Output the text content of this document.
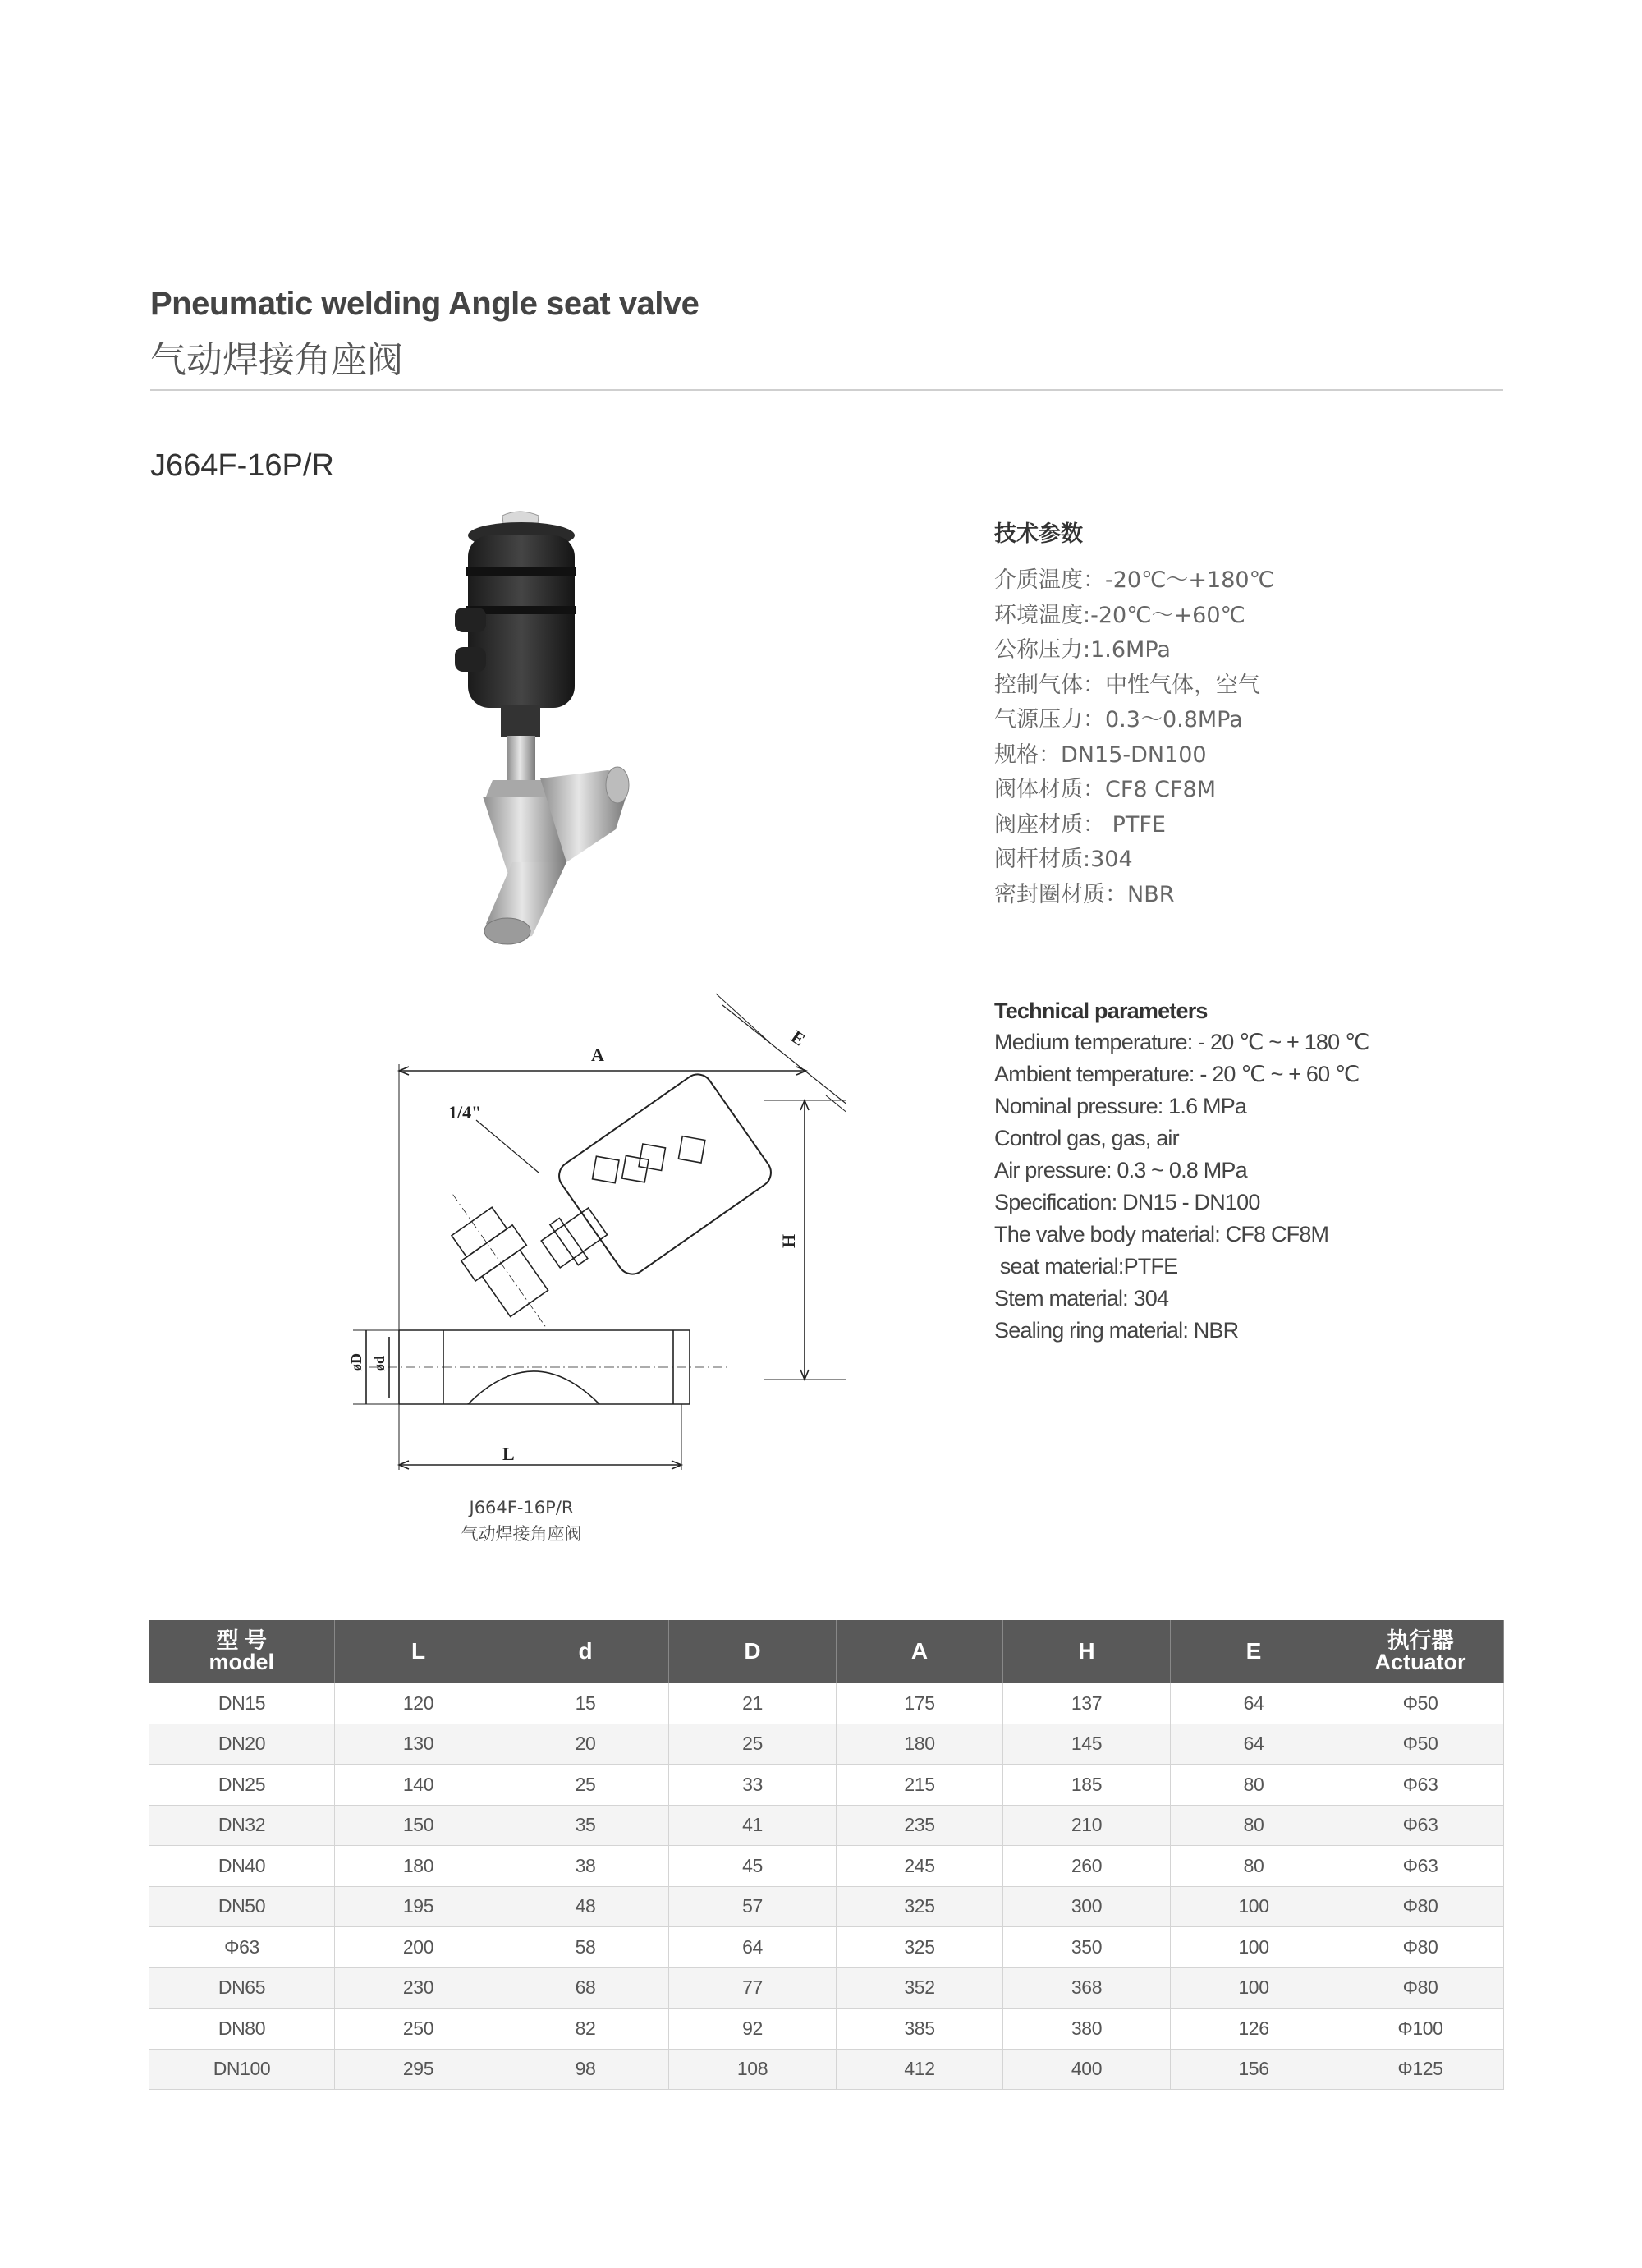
Pneumatic welding Angle seat valve
气动焊接角座阀
J664F-16P/R
A
E
H
L
1/4"
øD ød
J664F-16P/R
气动焊接角座阀
技术参数
介质温度：-20℃～+180℃
环境温度:-20℃～+60℃
公称压力:1.6MPa
控制气体：中性气体，空气
气源压力：0.3～0.8MPa
规格：DN15-DN100
阀体材质：CF8 CF8M
阀座材质： PTFE
阀杆材质:304
密封圈材质：NBR
Technical parameters
Medium temperature: - 20 ℃ ~ + 180 ℃
Ambient temperature: - 20 ℃ ~ + 60 ℃
Nominal pressure: 1.6 MPa
Control gas, gas, air
Air pressure: 0.3 ~ 0.8 MPa
Specification: DN15 - DN100
The valve body material: CF8 CF8M
seat material:PTFE
Stem material: 304
Sealing ring material: NBR
型 号
model	L	d	D	A	H	E	执行器
Actuator

DN15	120	15	21	175	137	64	Φ50
DN20	130	20	25	180	145	64	Φ50
DN25	140	25	33	215	185	80	Φ63
DN32	150	35	41	235	210	80	Φ63
DN40	180	38	45	245	260	80	Φ63
DN50	195	48	57	325	300	100	Φ80
Φ63	200	58	64	325	350	100	Φ80
DN65	230	68	77	352	368	100	Φ80
DN80	250	82	92	385	380	126	Φ100
DN100	295	98	108	412	400	156	Φ125
